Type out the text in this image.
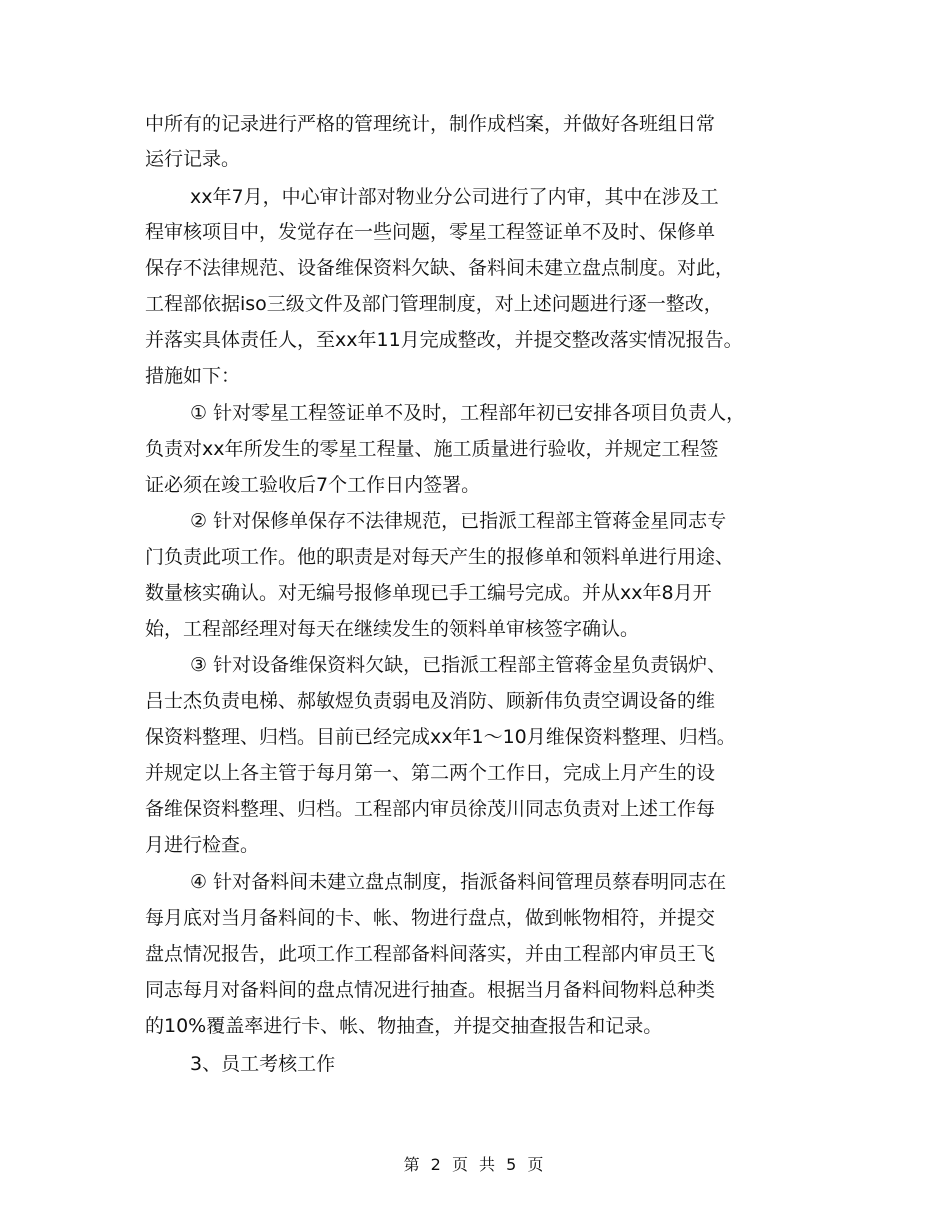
中所有的记录进行严格的管理统计，制作成档案，并做好各班组日常
运行记录。
xx年7月，中心审计部对物业分公司进行了内审，其中在涉及工
程审核项目中，发觉存在一些问题，零星工程签证单不及时、保修单
保存不法律规范、设备维保资料欠缺、备料间未建立盘点制度。对此，
工程部依据iso三级文件及部门管理制度，对上述问题进行逐一整改，
并落实具体责任人，至xx年11月完成整改，并提交整改落实情况报告。
措施如下：
① 针对零星工程签证单不及时，工程部年初已安排各项目负责人，
负责对xx年所发生的零星工程量、施工质量进行验收，并规定工程签
证必须在竣工验收后7个工作日内签署。
② 针对保修单保存不法律规范，已指派工程部主管蒋金星同志专
门负责此项工作。他的职责是对每天产生的报修单和领料单进行用途、
数量核实确认。对无编号报修单现已手工编号完成。并从xx年8月开
始，工程部经理对每天在继续发生的领料单审核签字确认。
③ 针对设备维保资料欠缺，已指派工程部主管蒋金星负责锅炉、
吕士杰负责电梯、郝敏煜负责弱电及消防、顾新伟负责空调设备的维
保资料整理、归档。目前已经完成xx年1～10月维保资料整理、归档。
并规定以上各主管于每月第一、第二两个工作日，完成上月产生的设
备维保资料整理、归档。工程部内审员徐茂川同志负责对上述工作每
月进行检查。
④ 针对备料间未建立盘点制度，指派备料间管理员蔡春明同志在
每月底对当月备料间的卡、帐、物进行盘点，做到帐物相符，并提交
盘点情况报告，此项工作工程部备料间落实，并由工程部内审员王飞
同志每月对备料间的盘点情况进行抽查。根据当月备料间物料总种类
的10%覆盖率进行卡、帐、物抽查，并提交抽查报告和记录。
3、员工考核工作
第 2 页 共 5 页
